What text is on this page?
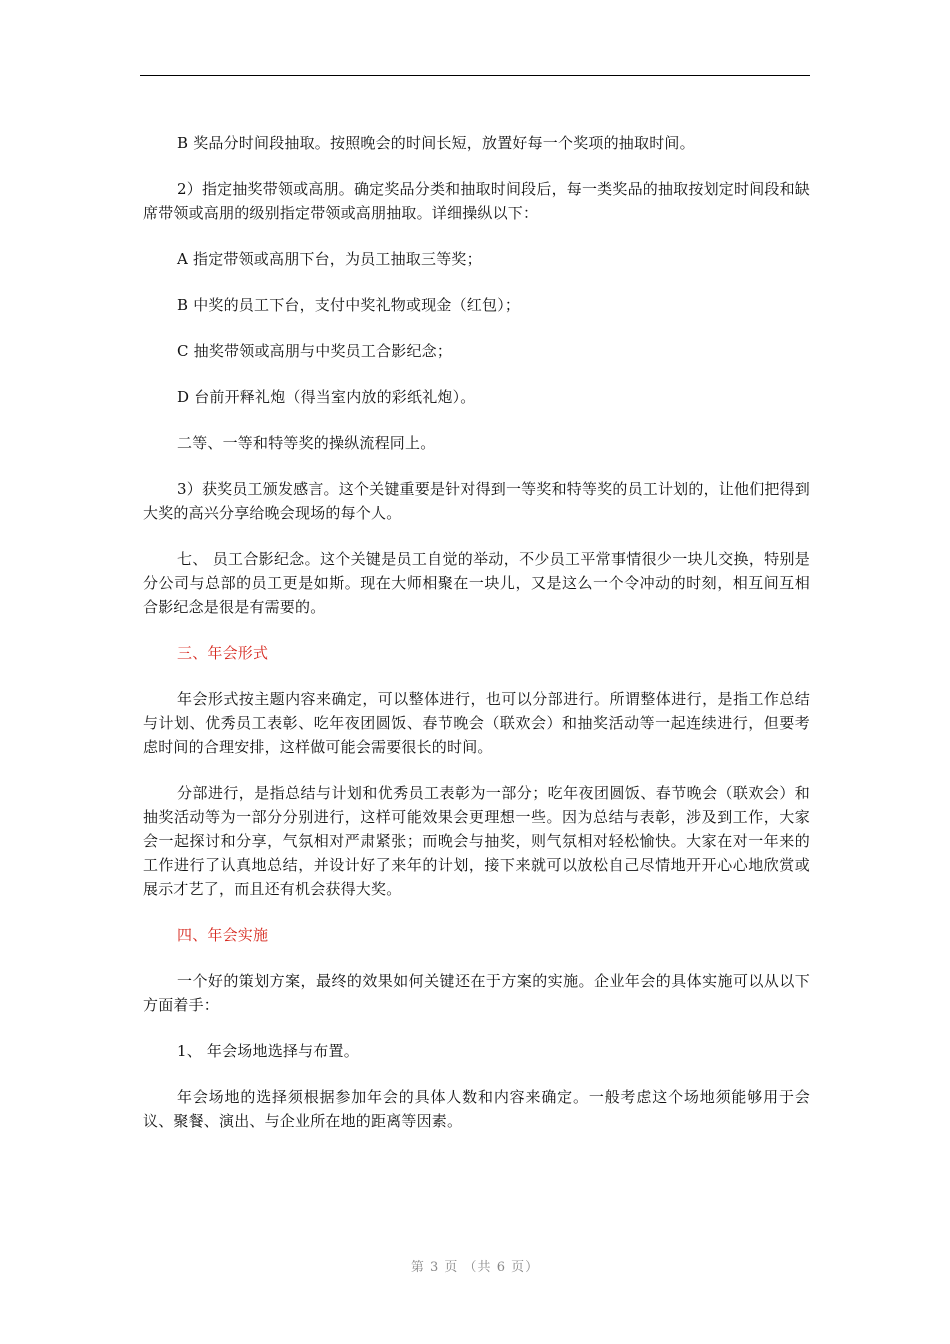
B 奖品分时间段抽取。按照晚会的时间长短，放置好每一个奖项的抽取时间。

2）指定抽奖带领或高朋。确定奖品分类和抽取时间段后，每一类奖品的抽取按划定时间段和缺席带领或高朋的级别指定带领或高朋抽取。详细操纵以下：

A 指定带领或高朋下台，为员工抽取三等奖；

B 中奖的员工下台，支付中奖礼物或现金（红包）；

C 抽奖带领或高朋与中奖员工合影纪念；

D 台前开释礼炮（得当室内放的彩纸礼炮）。

二等、一等和特等奖的操纵流程同上。

3）获奖员工颁发感言。这个关键重要是针对得到一等奖和特等奖的员工计划的，让他们把得到大奖的高兴分享给晚会现场的每个人。

七、 员工合影纪念。这个关键是员工自觉的举动，不少员工平常事情很少一块儿交换，特别是分公司与总部的员工更是如斯。现在大师相聚在一块儿，又是这么一个令冲动的时刻，相互间互相合影纪念是很是有需要的。

三、年会形式

年会形式按主题内容来确定，可以整体进行，也可以分部进行。所谓整体进行，是指工作总结与计划、优秀员工表彰、吃年夜团圆饭、春节晚会（联欢会）和抽奖活动等一起连续进行，但要考虑时间的合理安排，这样做可能会需要很长的时间。

分部进行，是指总结与计划和优秀员工表彰为一部分；吃年夜团圆饭、春节晚会（联欢会）和抽奖活动等为一部分分别进行，这样可能效果会更理想一些。因为总结与表彰，涉及到工作，大家会一起探讨和分享，气氛相对严肃紧张；而晚会与抽奖，则气氛相对轻松愉快。大家在对一年来的工作进行了认真地总结，并设计好了来年的计划，接下来就可以放松自己尽情地开开心心地欣赏或展示才艺了，而且还有机会获得大奖。

四、年会实施

一个好的策划方案，最终的效果如何关键还在于方案的实施。企业年会的具体实施可以从以下方面着手：

1、 年会场地选择与布置。

年会场地的选择须根据参加年会的具体人数和内容来确定。一般考虑这个场地须能够用于会议、聚餐、演出、与企业所在地的距离等因素。

第 3 页 （共 6 页）
